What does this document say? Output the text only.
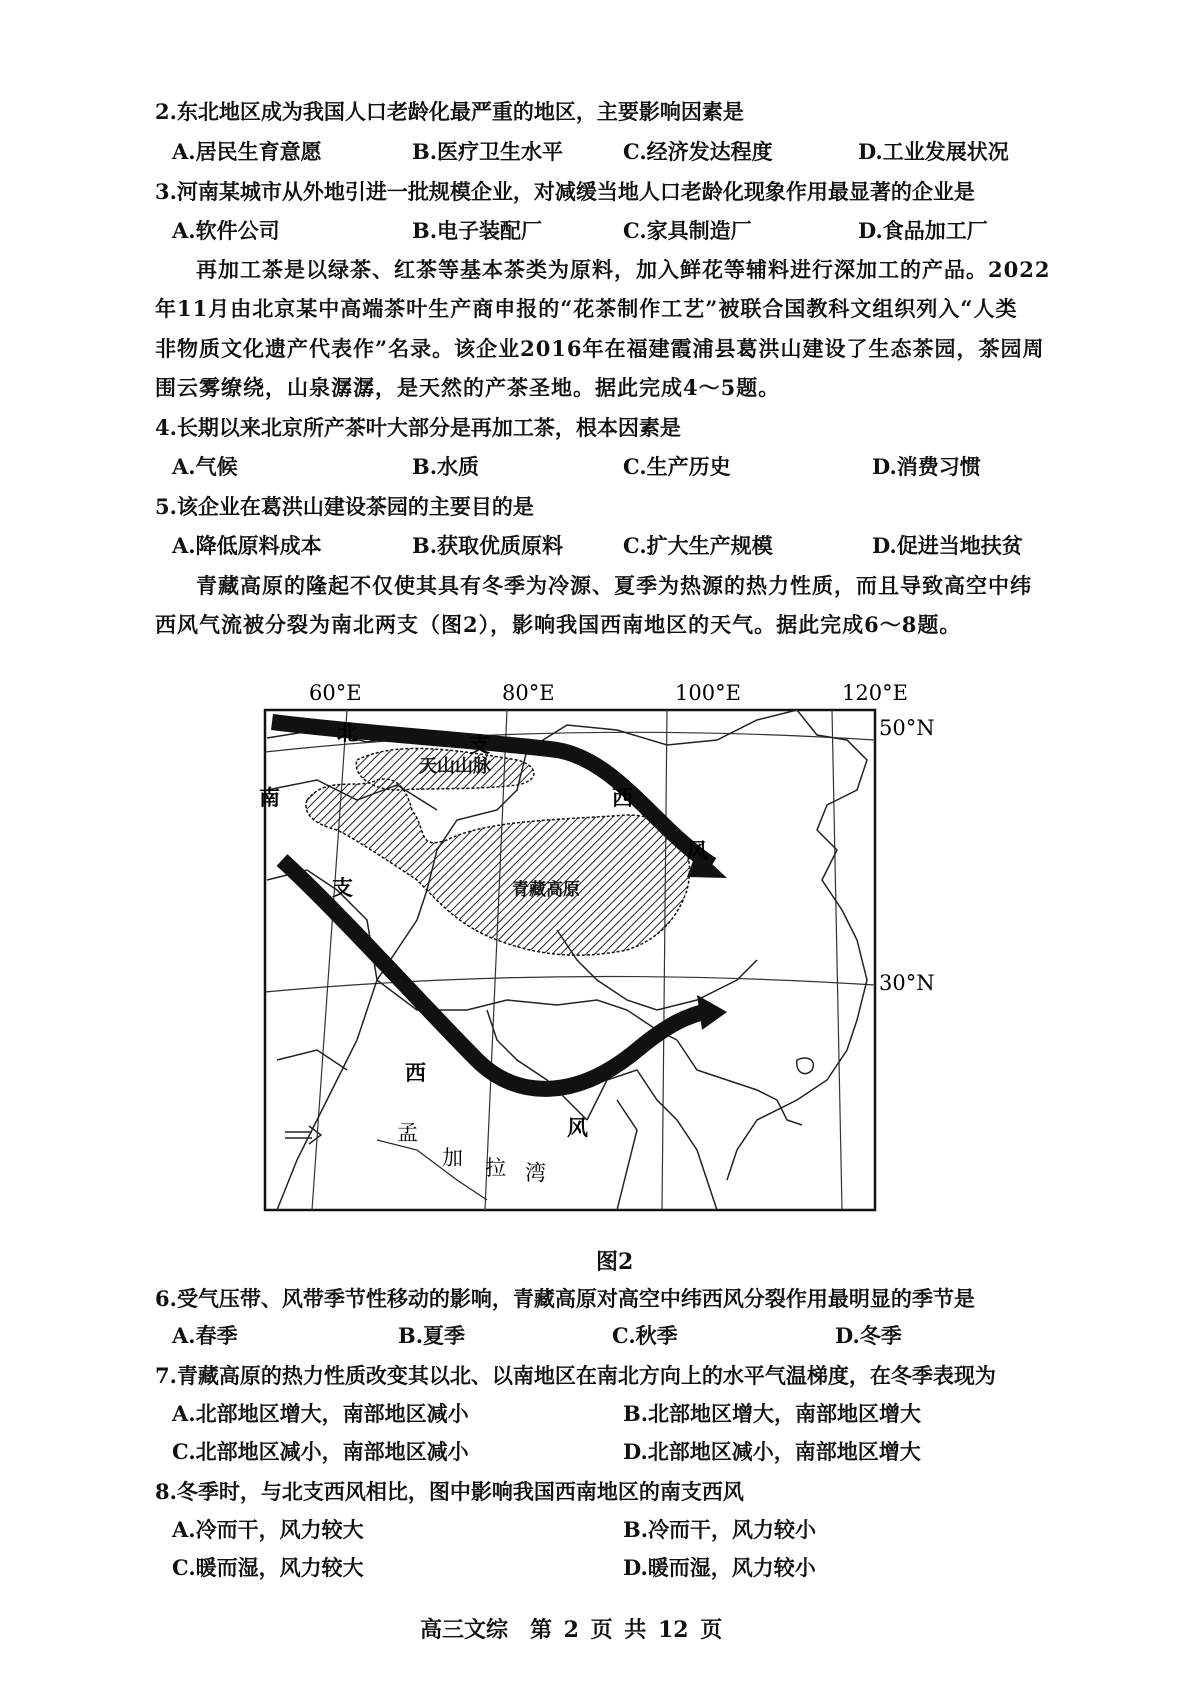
2.东北地区成为我国人口老龄化最严重的地区，主要影响因素是
A.居民生育意愿	B.医疗卫生水平	C.经济发达程度	D.工业发展状况
3.河南某城市从外地引进一批规模企业，对减缓当地人口老龄化现象作用最显著的企业是
A.软件公司	B.电子装配厂	C.家具制造厂	D.食品加工厂
再加工茶是以绿茶、红茶等基本茶类为原料，加入鲜花等辅料进行深加工的产品。2022
年11月由北京某中高端茶叶生产商申报的“花茶制作工艺”被联合国教科文组织列入“人类
非物质文化遗产代表作”名录。该企业2016年在福建霞浦县葛洪山建设了生态茶园，茶园周
围云雾缭绕，山泉潺潺，是天然的产茶圣地。据此完成4～5题。
4.长期以来北京所产茶叶大部分是再加工茶，根本因素是
A.气候	B.水质	C.生产历史	D.消费习惯
5.该企业在葛洪山建设茶园的主要目的是
A.降低原料成本	B.获取优质原料	C.扩大生产规模	D.促进当地扶贫
青藏高原的隆起不仅使其具有冬季为冷源、夏季为热源的热力性质，而且导致高空中纬
西风气流被分裂为南北两支（图2），影响我国西南地区的天气。据此完成6～8题。
60°E	80°E	100°E	120°E
50°N
30°N
北	支
西
风
南
支
西
风
天山山脉
青藏高原
孟
加 拉 湾
图2
6.受气压带、风带季节性移动的影响，青藏高原对高空中纬西风分裂作用最明显的季节是
A.春季	B.夏季	C.秋季	D.冬季
7.青藏高原的热力性质改变其以北、以南地区在南北方向上的水平气温梯度，在冬季表现为
A.北部地区增大，南部地区减小	B.北部地区增大，南部地区增大
C.北部地区减小，南部地区减小	D.北部地区减小，南部地区增大
8.冬季时，与北支西风相比，图中影响我国西南地区的南支西风
A.冷而干，风力较大	B.冷而干，风力较小
C.暖而湿，风力较大	D.暖而湿，风力较小
高三文综　第 2 页 共 12 页
